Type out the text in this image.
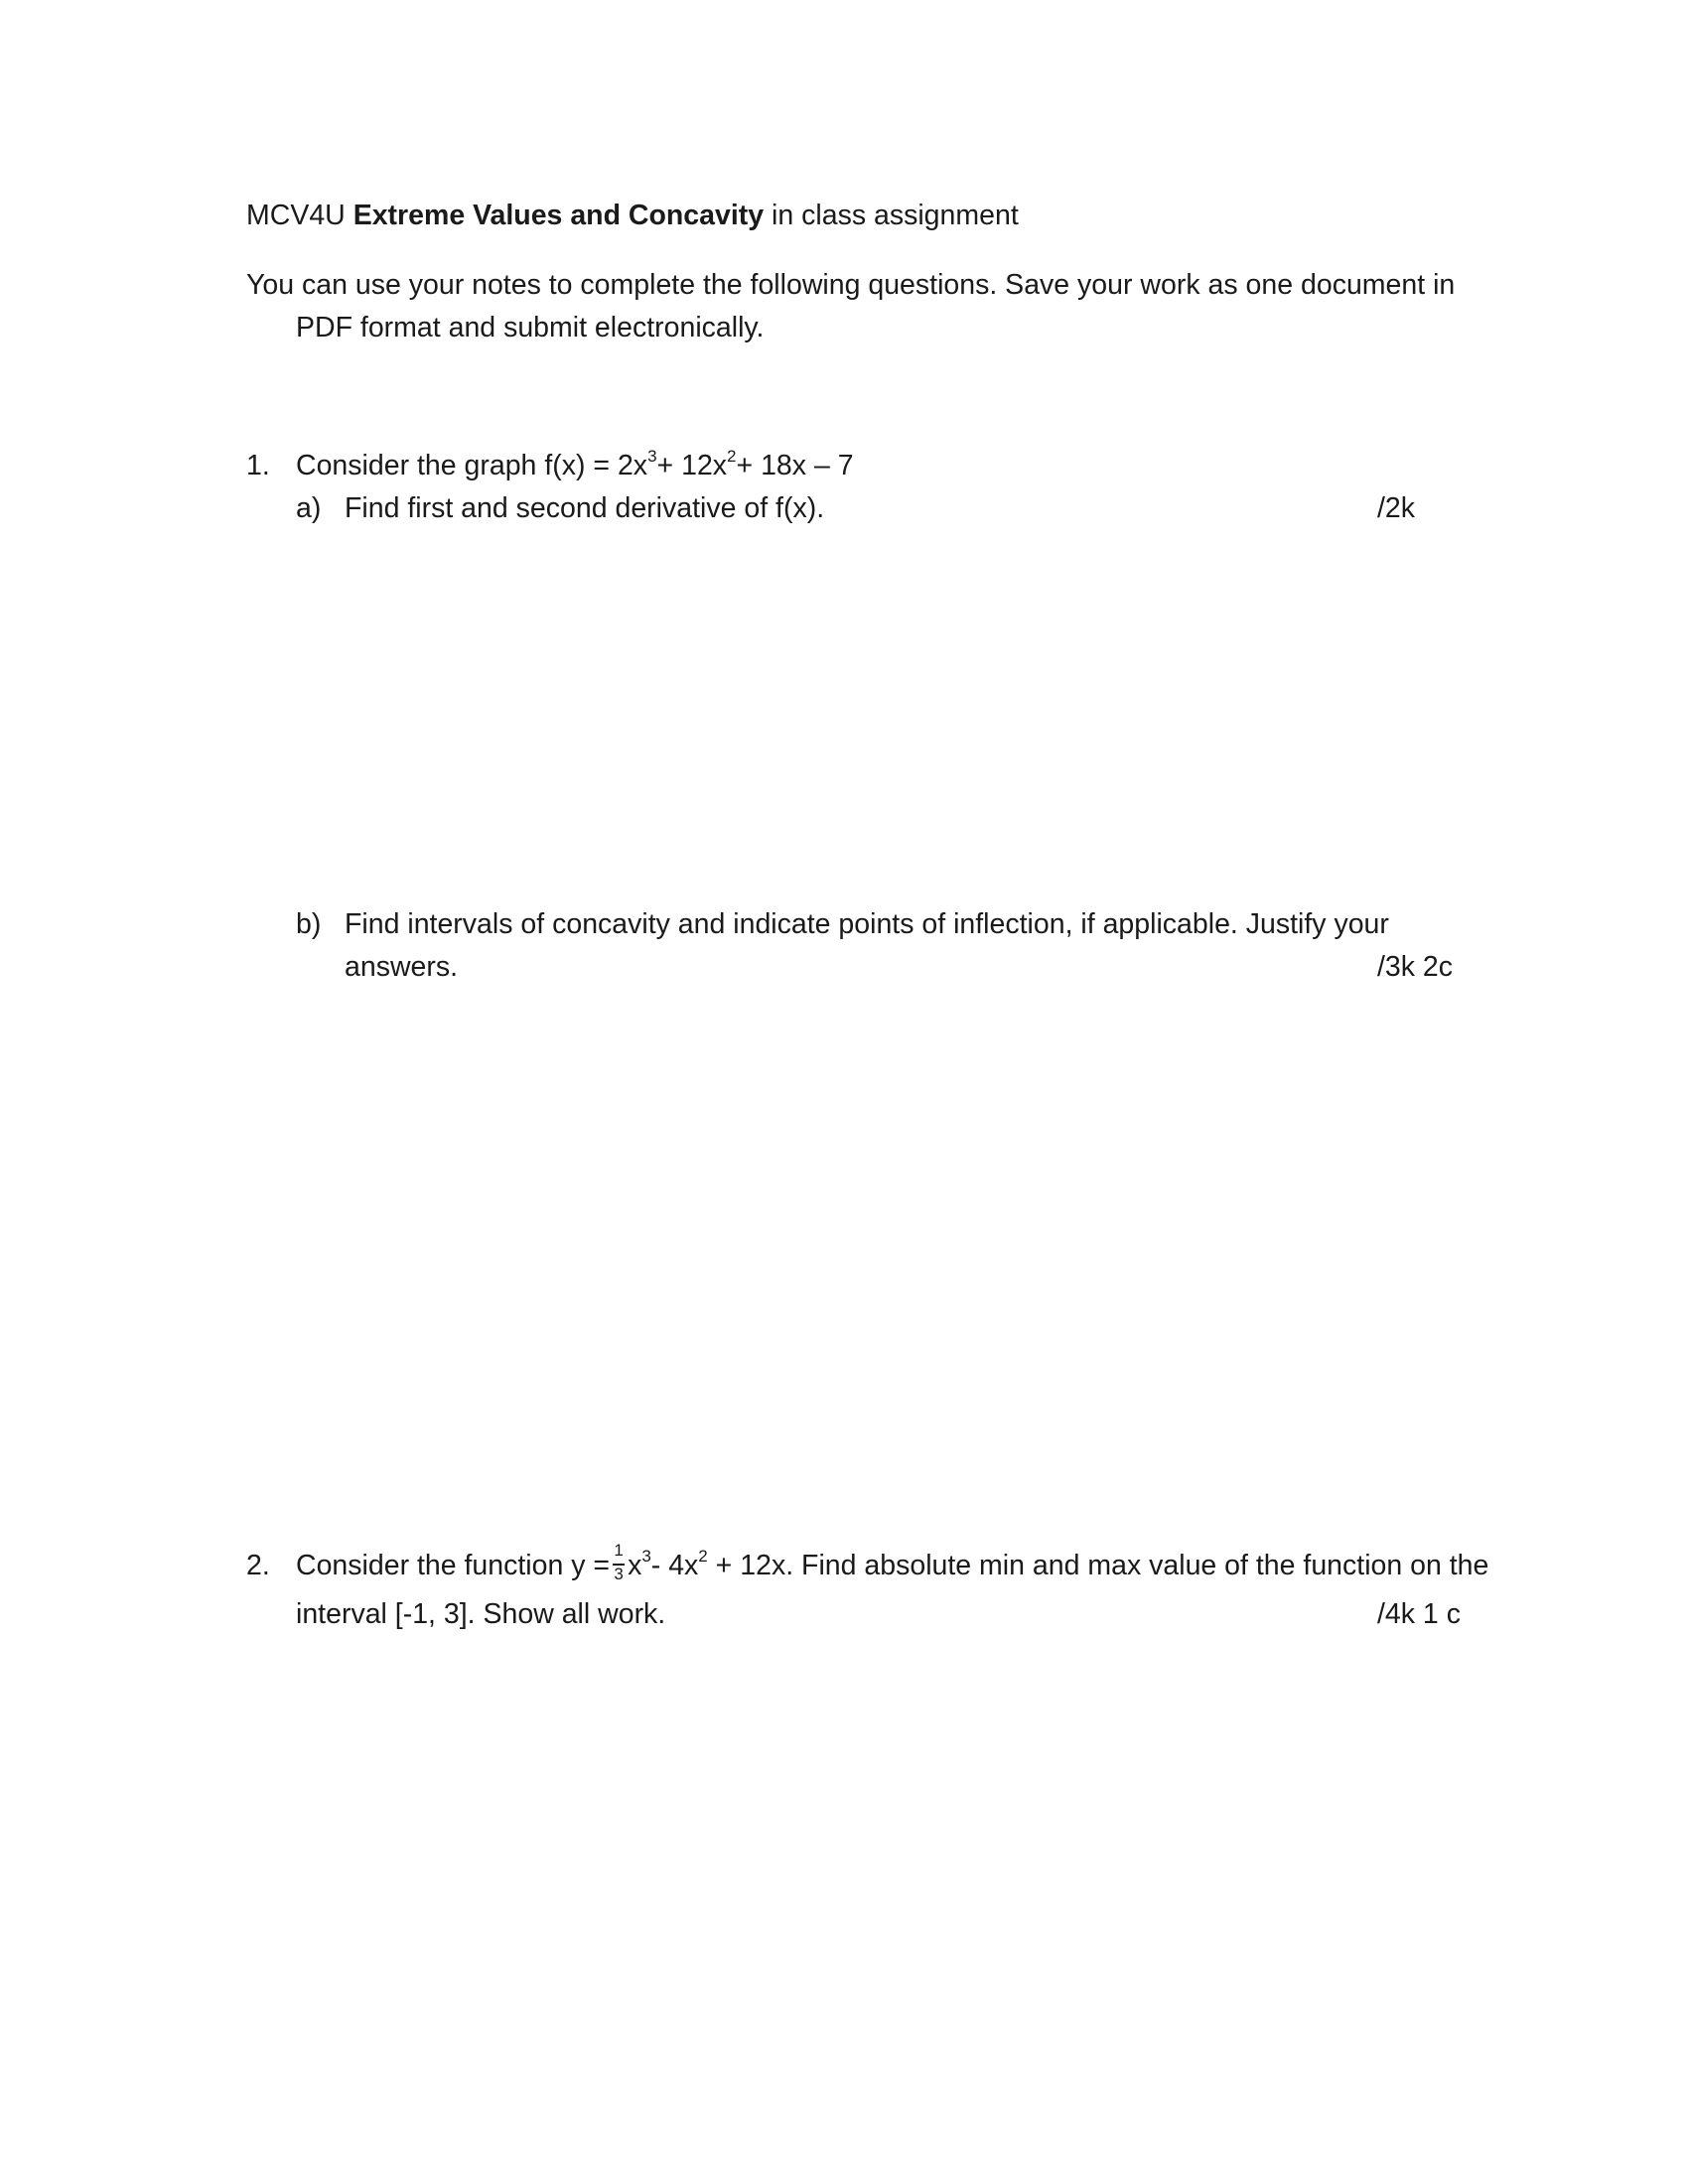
MCV4U Extreme Values and Concavity in class assignment
You can use your notes to complete the following questions. Save your work as one document in
PDF format and submit electronically.
1. Consider the graph $f(x) = 2x^3+ 12x^2+ 18x - 7$
a) Find first and second derivative of f(x).	/2k
b) Find intervals of concavity and indicate points of inflection, if applicable. Justify your
answers.	/3k 2c
2. Consider the function $y = \frac{1}{3} x^3-$ $4x^2 + 12x$. Find absolute min and max value of the function on the
interval [-1, 3]. Show all work.	/4k 1 c
